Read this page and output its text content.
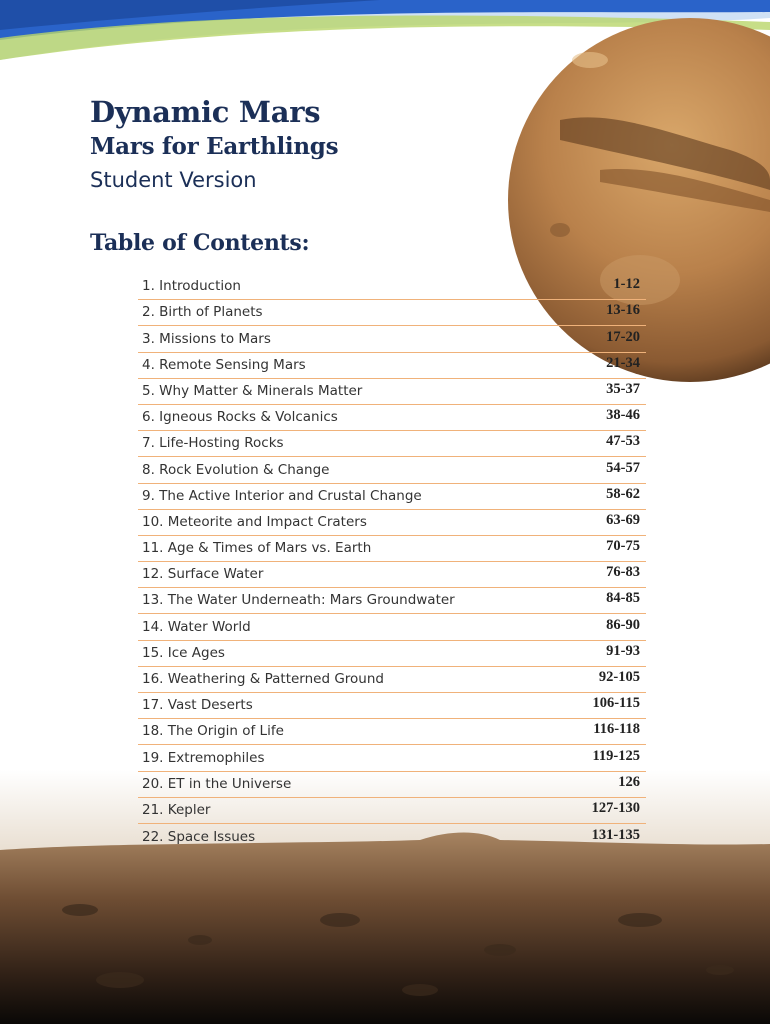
Dynamic Mars
Mars for Earthlings
Student Version
Table of Contents:
1. Introduction	1-12
2. Birth of Planets	13-16
3. Missions to Mars	17-20
4. Remote Sensing Mars	21-34
5. Why Matter & Minerals Matter	35-37
6. Igneous Rocks & Volcanics	38-46
7. Life-Hosting Rocks	47-53
8. Rock Evolution & Change	54-57
9. The Active Interior and Crustal Change	58-62
10. Meteorite and Impact Craters	63-69
11. Age & Times of Mars vs. Earth	70-75
12. Surface Water	76-83
13. The Water Underneath: Mars Groundwater	84-85
14. Water World	86-90
15. Ice Ages	91-93
16. Weathering & Patterned Ground	92-105
17. Vast Deserts	106-115
18. The Origin of Life	116-118
19. Extremophiles	119-125
20. ET in the Universe	126
21. Kepler	127-130
22. Space Issues	131-135
